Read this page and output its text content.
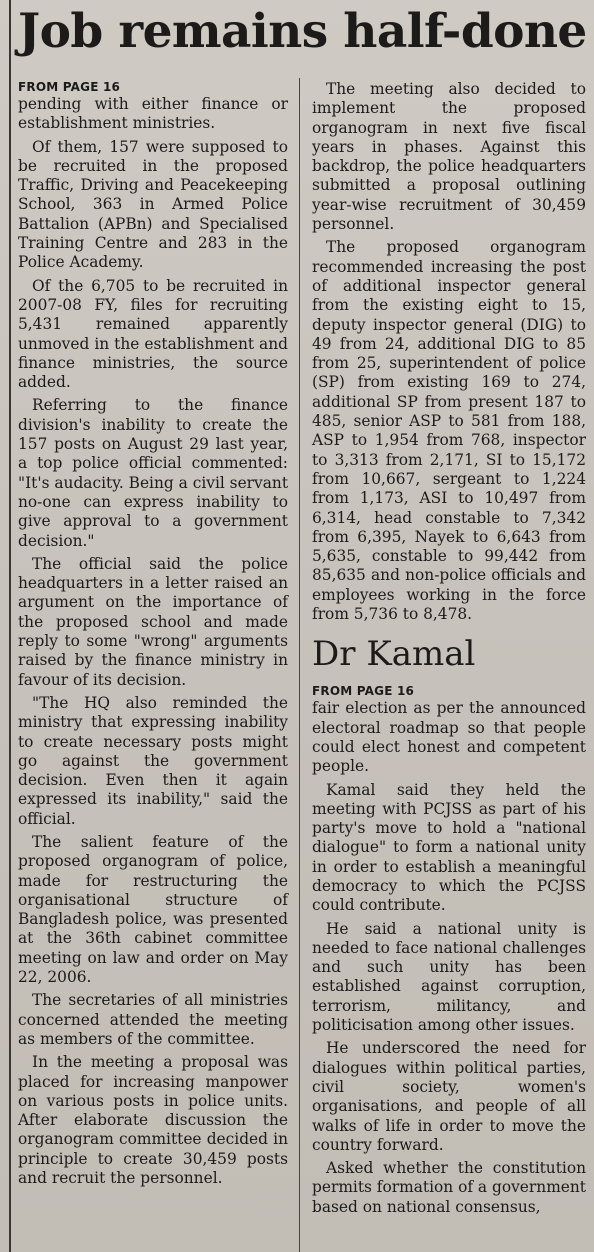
Job remains half-done
FROM PAGE 16

pending with either finance or establishment ministries.

Of them, 157 were supposed to be recruited in the proposed Traffic, Driving and Peacekeeping School, 363 in Armed Police Battalion (APBn) and Specialised Training Centre and 283 in the Police Academy.

Of the 6,705 to be recruited in 2007-08 FY, files for recruiting 5,431 remained apparently unmoved in the establishment and finance ministries, the source added.

Referring to the finance division's inability to create the 157 posts on August 29 last year, a top police official commented: "It's audacity. Being a civil servant no-one can express inability to give approval to a government decision."

The official said the police headquarters in a letter raised an argument on the importance of the proposed school and made reply to some "wrong" arguments raised by the finance ministry in favour of its decision.

"The HQ also reminded the ministry that expressing inability to create necessary posts might go against the government decision. Even then it again expressed its inability," said the official.

The salient feature of the proposed organogram of police, made for restructuring the organisational structure of Bangladesh police, was presented at the 36th cabinet committee meeting on law and order on May 22, 2006.

The secretaries of all ministries concerned attended the meeting as members of the committee.

In the meeting a proposal was placed for increasing manpower on various posts in police units. After elaborate discussion the organogram committee decided in principle to create 30,459 posts and recruit the personnel.

The meeting also decided to implement the proposed organogram in next five fiscal years in phases. Against this backdrop, the police headquarters submitted a proposal outlining year-wise recruitment of 30,459 personnel.

The proposed organogram recommended increasing the post of additional inspector general from the existing eight to 15, deputy inspector general (DIG) to 49 from 24, additional DIG to 85 from 25, superintendent of police (SP) from existing 169 to 274, additional SP from present 187 to 485, senior ASP to 581 from 188, ASP to 1,954 from 768, inspector to 3,313 from 2,171, SI to 15,172 from 10,667, sergeant to 1,224 from 1,173, ASI to 10,497 from 6,314, head constable to 7,342 from 6,395, Nayek to 6,643 from 5,635, constable to 99,442 from 85,635 and non-police officials and employees working in the force from 5,736 to 8,478.

Dr Kamal
FROM PAGE 16

fair election as per the announced electoral roadmap so that people could elect honest and competent people.

Kamal said they held the meeting with PCJSS as part of his party's move to hold a "national dialogue" to form a national unity in order to establish a meaningful democracy to which the PCJSS could contribute.

He said a national unity is needed to face national challenges and such unity has been established against corruption, terrorism, militancy, and politicisation among other issues.

He underscored the need for dialogues within political parties, civil society, women's organisations, and people of all walks of life in order to move the country forward.

Asked whether the constitution permits formation of a government based on national consensus,
